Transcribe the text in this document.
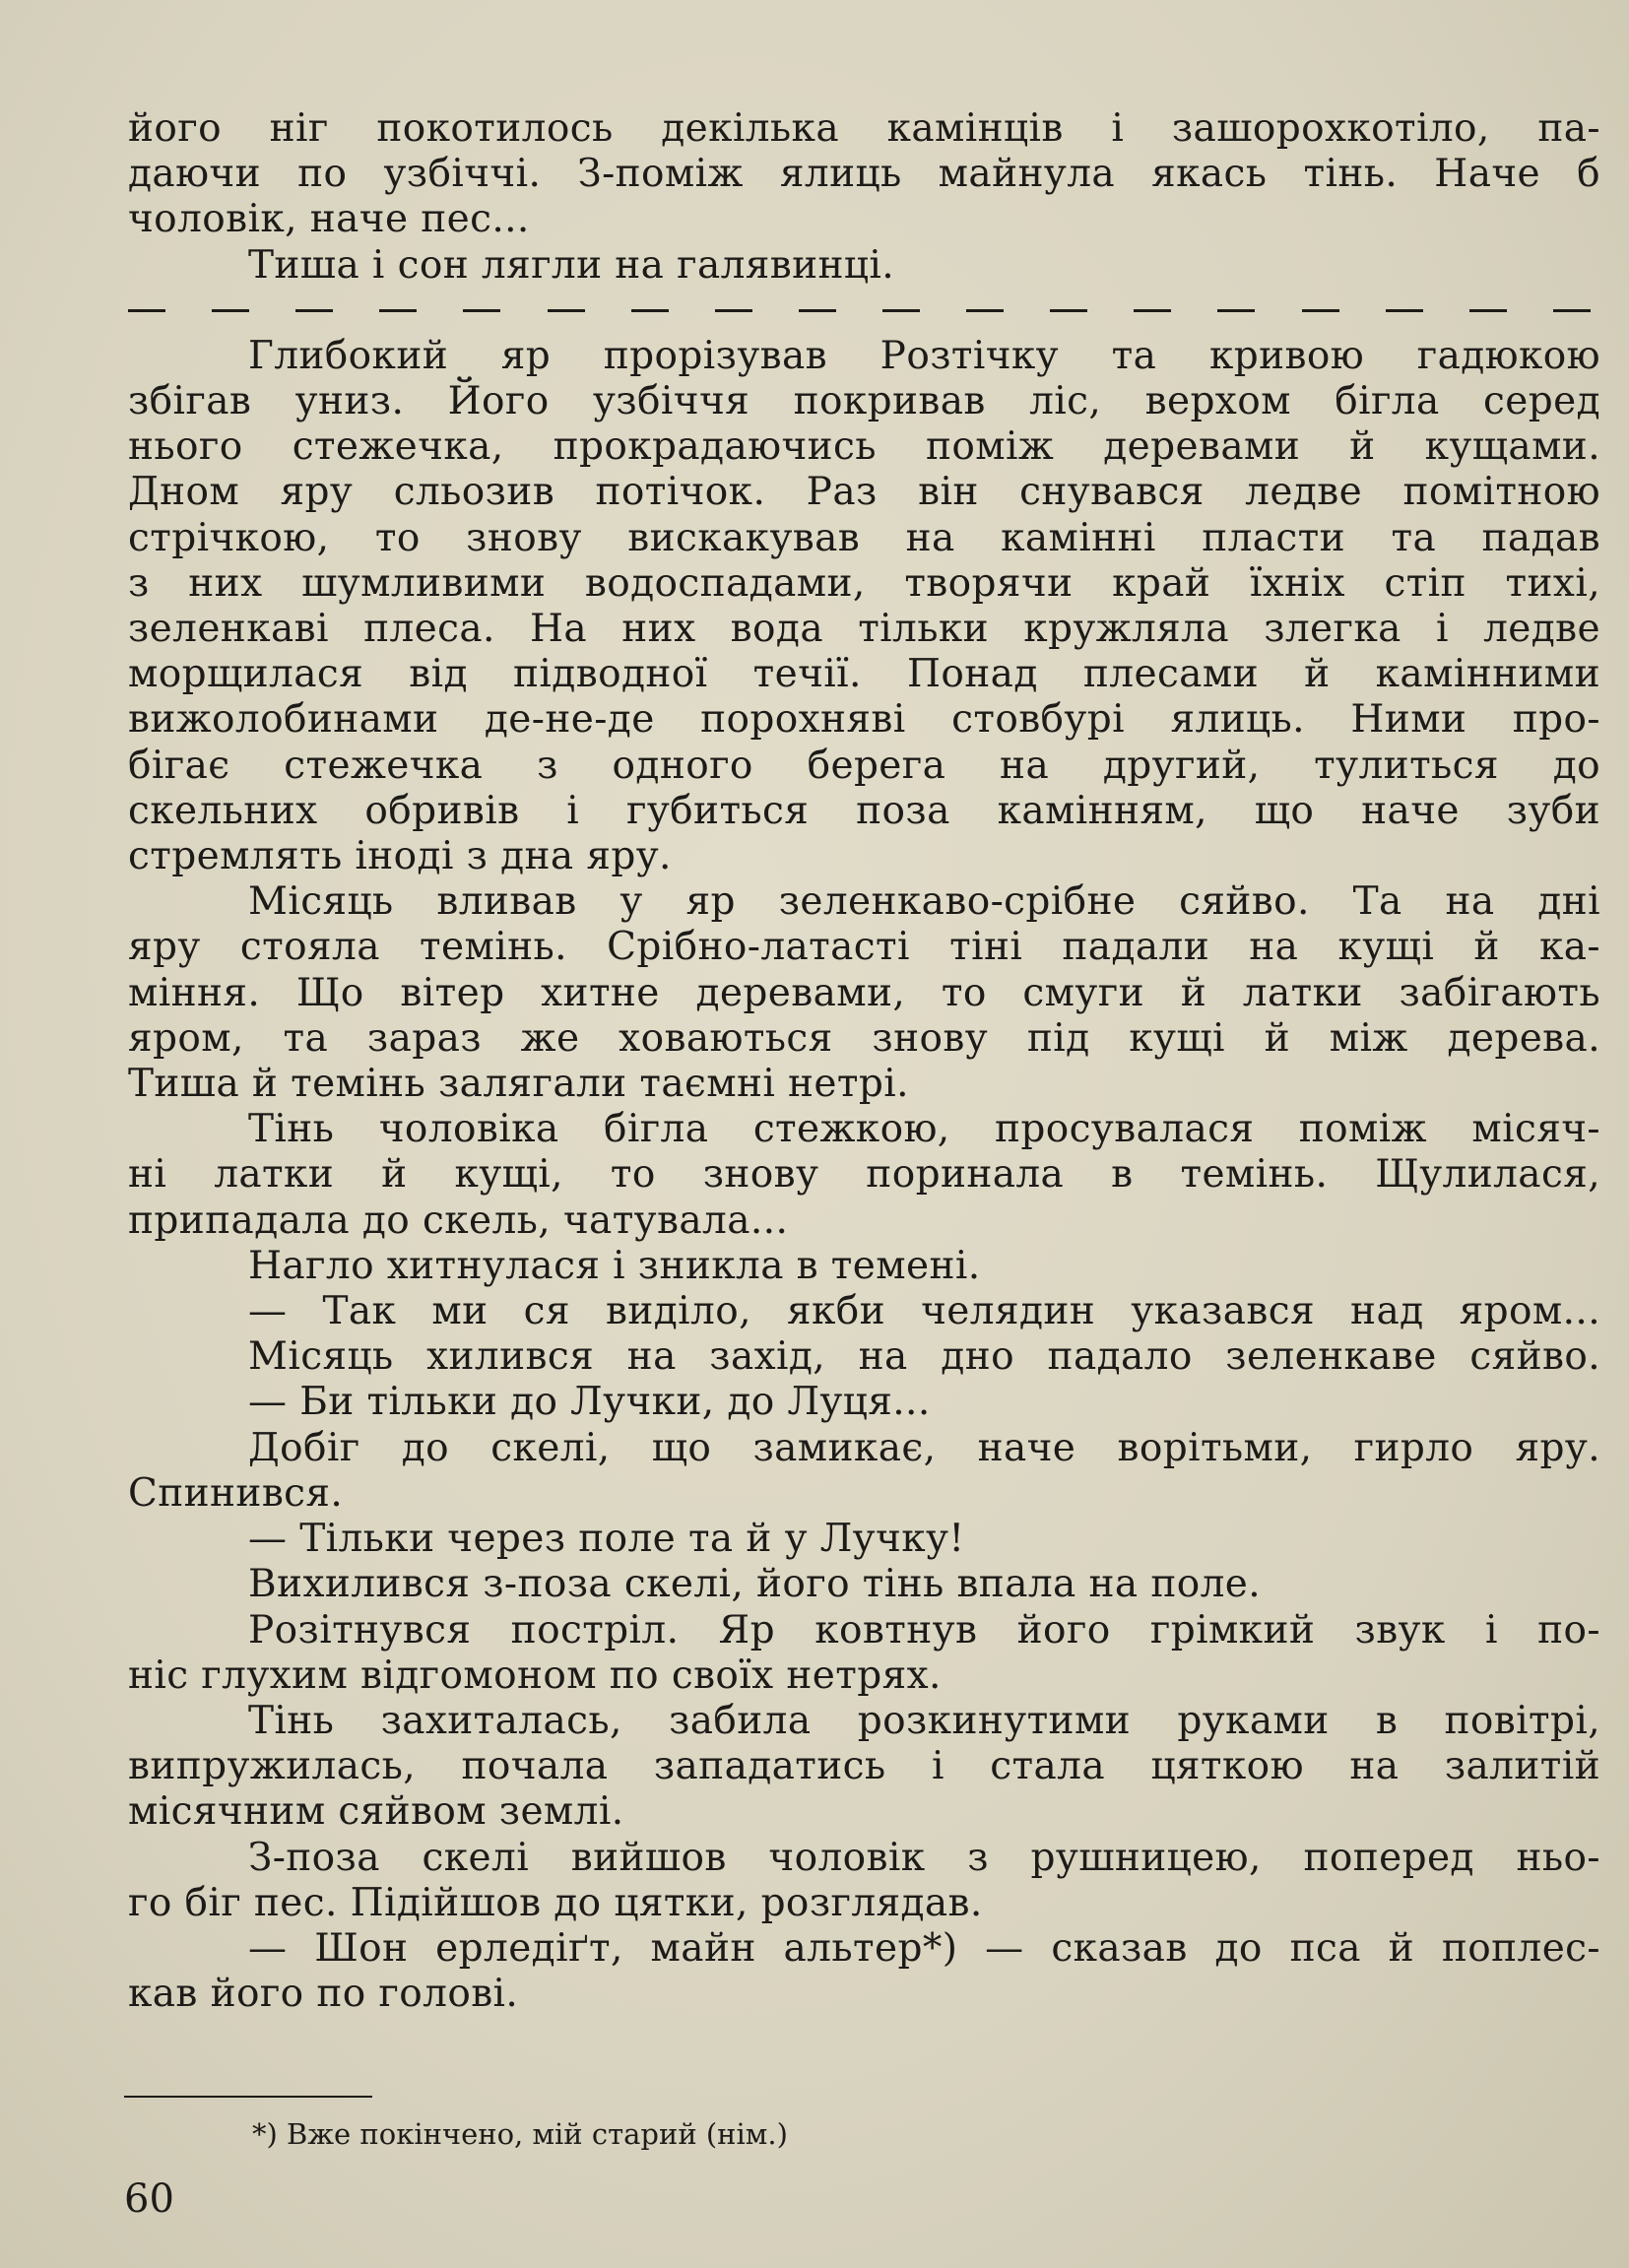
його ніг покотилось декілька камінців і зашорохкотіло, па-
даючи по узбіччі. З-поміж ялиць майнула якась тінь. Наче б
чоловік, наче пес...

Тиша і сон лягли на галявинці.

Глибокий яр прорізував Розтічку та кривою гадюкою

збігав униз. Його узбіччя покривав ліс, верхом бігла серед
нього стежечка, прокрадаючись поміж деревами й кущами.
Дном яру сльозив потічок. Раз він снувався ледве помітною
стрічкою, то знову вискакував на камінні пласти та падав
з них шумливими водоспадами, творячи край їхніх стіп тихі,
зеленкаві плеса. На них вода тільки кружляла злегка і ледве
морщилася від підводної течії. Понад плесами й камінними
вижолобинами де-не-де порохняві стовбурі ялиць. Ними про-
бігає стежечка з одного берега на другий, тулиться до
скельних обривів і губиться поза камінням, що наче зуби
стремлять іноді з дна яру.

Місяць вливав у яр зеленкаво-срібне сяйво. Та на дні

яру стояла темінь. Срібно-латасті тіні падали на кущі й ка-
міння. Що вітер хитне деревами, то смуги й латки забігають
яром, та зараз же ховаються знову під кущі й між дерева.
Тиша й темінь залягали таємні нетрі.

Тінь чоловіка бігла стежкою, просувалася поміж місяч-

ні латки й кущі, то знову поринала в темінь. Щулилася,
припадала до скель, чатувала...

Нагло хитнулася і зникла в темені.

— Так ми ся виділо, якби челядин указався над яром...

Місяць хилився на захід, на дно падало зеленкаве сяйво.

— Би тільки до Лучки, до Луця...

Добіг до скелі, що замикає, наче ворітьми, гирло яру.

Спинився.

— Тільки через поле та й у Лучку!

Вихилився з-поза скелі, його тінь впала на поле.

Розітнувся постріл. Яр ковтнув його грімкий звук і по-

ніс глухим відгомоном по своїх нетрях.

Тінь захиталась, забила розкинутими руками в повітрі,

випружилась, почала западатись і стала цяткою на залитій
місячним сяйвом землі.

З-поза скелі вийшов чоловік з рушницею, поперед ньо-

го біг пес. Підійшов до цятки, розглядав.

— Шон ерледіґт, майн альтер*) — сказав до пса й поплес-

кав його по голові.

*) Вже покінчено, мій старий (нім.)
60
